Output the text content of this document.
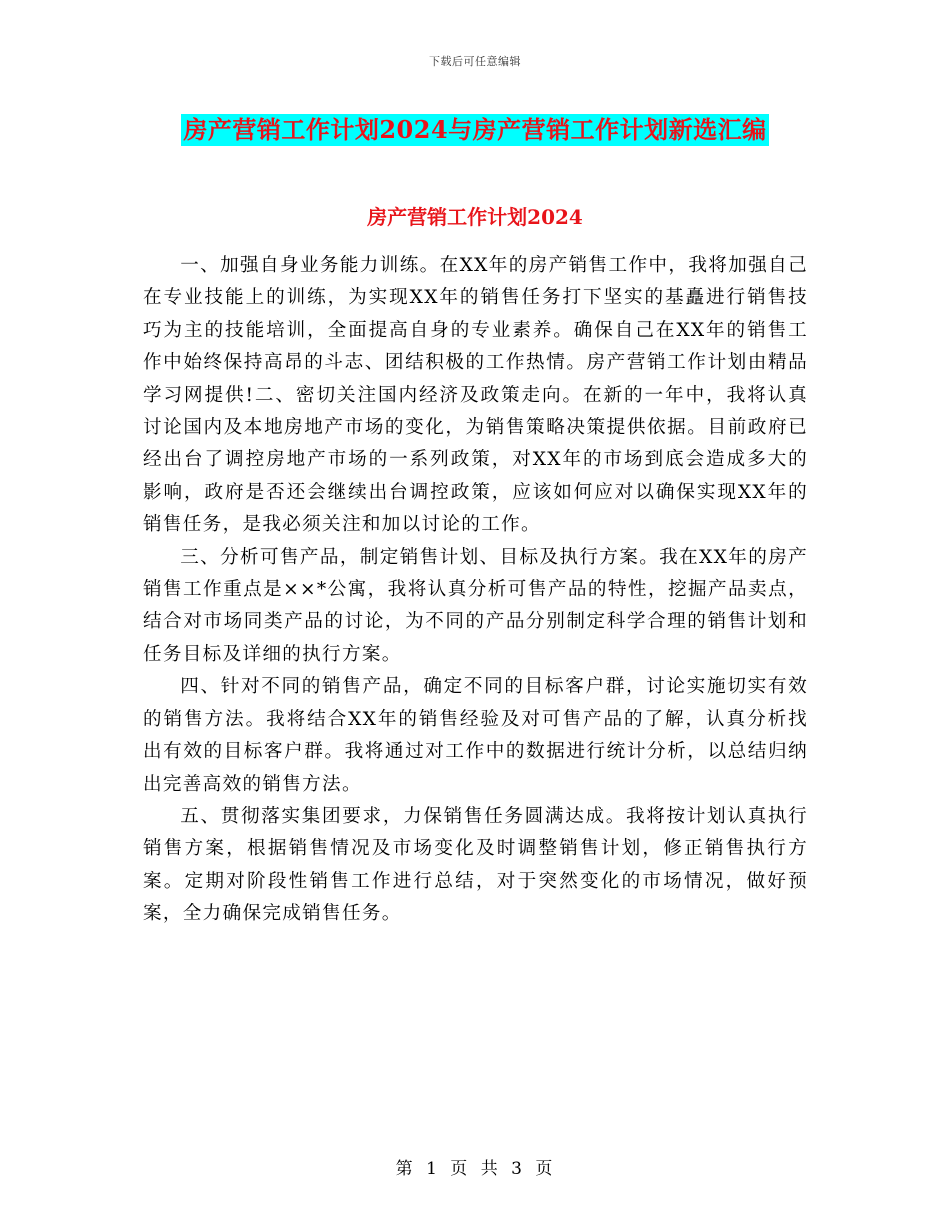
下载后可任意编辑
房产营销工作计划2024与房产营销工作计划新选汇编
房产营销工作计划2024

一、加强自身业务能力训练。在XX年的房产销售工作中，我将加强自己在专业技能上的训练，为实现XX年的销售任务打下坚实的基矗进行销售技巧为主的技能培训，全面提高自身的专业素养。确保自己在XX年的销售工作中始终保持高昂的斗志、团结积极的工作热情。房产营销工作计划由精品学习网提供!二、密切关注国内经济及政策走向。在新的一年中，我将认真讨论国内及本地房地产市场的变化，为销售策略决策提供依据。目前政府已经出台了调控房地产市场的一系列政策，对XX年的市场到底会造成多大的影响，政府是否还会继续出台调控政策，应该如何应对以确保实现XX年的销售任务，是我必须关注和加以讨论的工作。

三、分析可售产品，制定销售计划、目标及执行方案。我在XX年的房产销售工作重点是××*公寓，我将认真分析可售产品的特性，挖掘产品卖点，结合对市场同类产品的讨论，为不同的产品分别制定科学合理的销售计划和任务目标及详细的执行方案。

四、针对不同的销售产品，确定不同的目标客户群，讨论实施切实有效的销售方法。我将结合XX年的销售经验及对可售产品的了解，认真分析找出有效的目标客户群。我将通过对工作中的数据进行统计分析，以总结归纳出完善高效的销售方法。

五、贯彻落实集团要求，力保销售任务圆满达成。我将按计划认真执行销售方案，根据销售情况及市场变化及时调整销售计划，修正销售执行方案。定期对阶段性销售工作进行总结，对于突然变化的市场情况，做好预案，全力确保完成销售任务。

第 1 页 共 3 页
